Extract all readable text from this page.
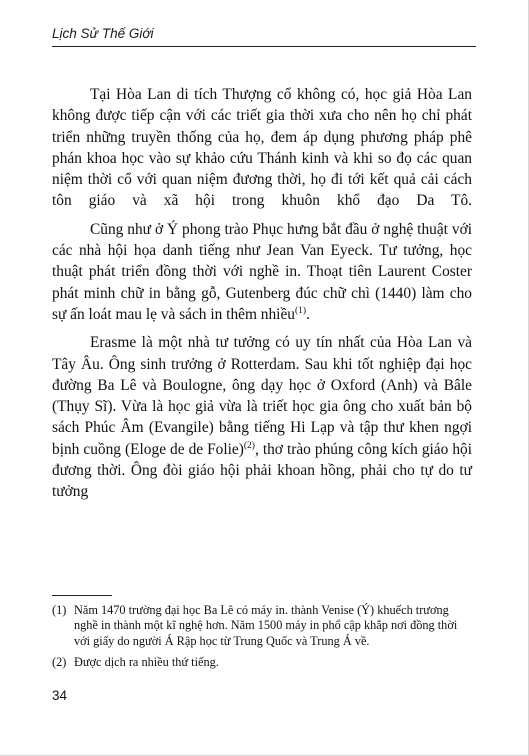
Lịch Sử Thế Giới

Tại Hòa Lan di tích Thượng cổ không có, học giả Hòa Lan không được tiếp cận với các triết gia thời xưa cho nên họ chỉ phát triển những truyền thống của họ, đem áp dụng phương pháp phê phán khoa học vào sự khảo cứu Thánh kinh và khi so đọ các quan niệm thời cổ với quan niệm đương thời, họ đi tới kết quả cải cách tôn giáo và xã hội trong khuôn khổ đạo Da Tô.

Cũng như ở Ý phong trào Phục hưng bắt đầu ở nghệ thuật với các nhà hội họa danh tiếng như Jean Van Eyeck. Tư tưởng, học thuật phát triển đồng thời với nghề in. Thoạt tiên Laurent Coster phát minh chữ in bằng gỗ, Gutenberg đúc chữ chì (1440) làm cho sự ấn loát mau lẹ và sách in thêm nhiều$^{(1)}$.

Erasme là một nhà tư tưởng có uy tín nhất của Hòa Lan và Tây Âu. Ông sinh trưởng ở Rotterdam. Sau khi tốt nghiệp đại học đường Ba Lê và Boulogne, ông dạy học ở Oxford (Anh) và Bâle (Thụy Sĩ). Vừa là học giả vừa là triết học gia ông cho xuất bản bộ sách Phúc Âm (Evangile) bằng tiếng Hi Lạp và tập thư khen ngợi bịnh cuồng (Eloge de de Folie)$^{(2)}$, thơ trào phúng công kích giáo hội đương thời. Ông đòi giáo hội phải khoan hồng, phải cho tự do tư tưởng

(1) Năm 1470 trường đại học Ba Lê có máy in. thành Venise (Ý) khuếch trương nghề in thành một kĩ nghệ hơn. Năm 1500 máy in phổ cập khắp nơi đồng thời với giấy do người Á Rập học từ Trung Quốc và Trung Á về.
(2) Được dịch ra nhiều thứ tiếng.
34
